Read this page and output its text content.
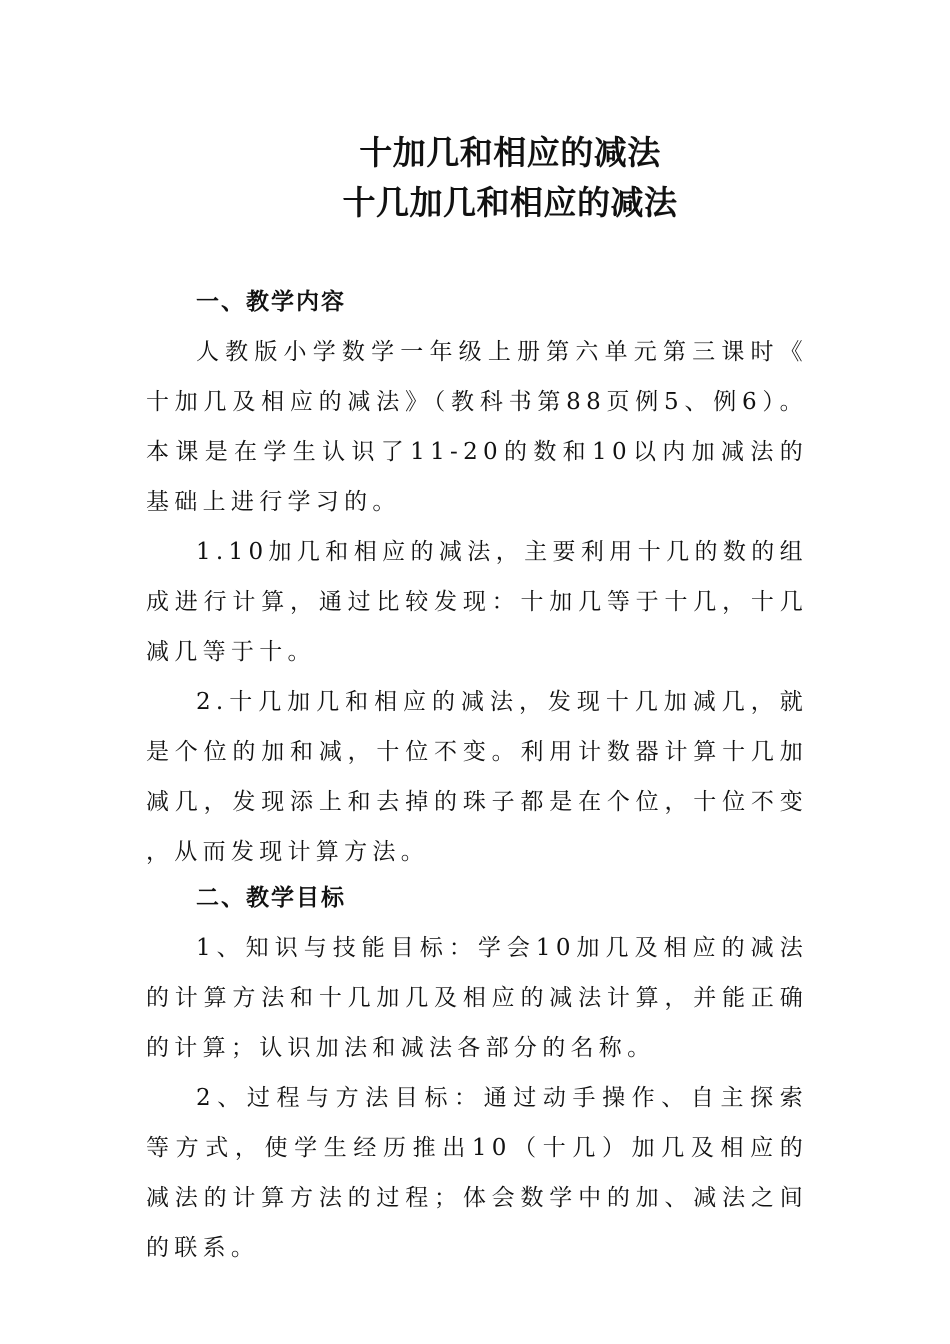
十加几和相应的减法
十几加几和相应的减法
一、教学内容

人教版小学数学一年级上册第六单元第三课时《十加几及相应的减法》（教科书第88页例5、例6）。本课是在学生认识了11-20的数和10以内加减法的基础上进行学习的。

1.10加几和相应的减法，主要利用十几的数的组成进行计算，通过比较发现：十加几等于十几，十几减几等于十。

2.十几加几和相应的减法，发现十几加减几，就是个位的加和减，十位不变。利用计数器计算十几加减几，发现添上和去掉的珠子都是在个位，十位不变，从而发现计算方法。

二、教学目标

1、知识与技能目标：学会10加几及相应的减法的计算方法和十几加几及相应的减法计算，并能正确的计算；认识加法和减法各部分的名称。

2、过程与方法目标：通过动手操作、自主探索等方式，使学生经历推出10（十几）加几及相应的减法的计算方法的过程；体会数学中的加、减法之间的联系。
